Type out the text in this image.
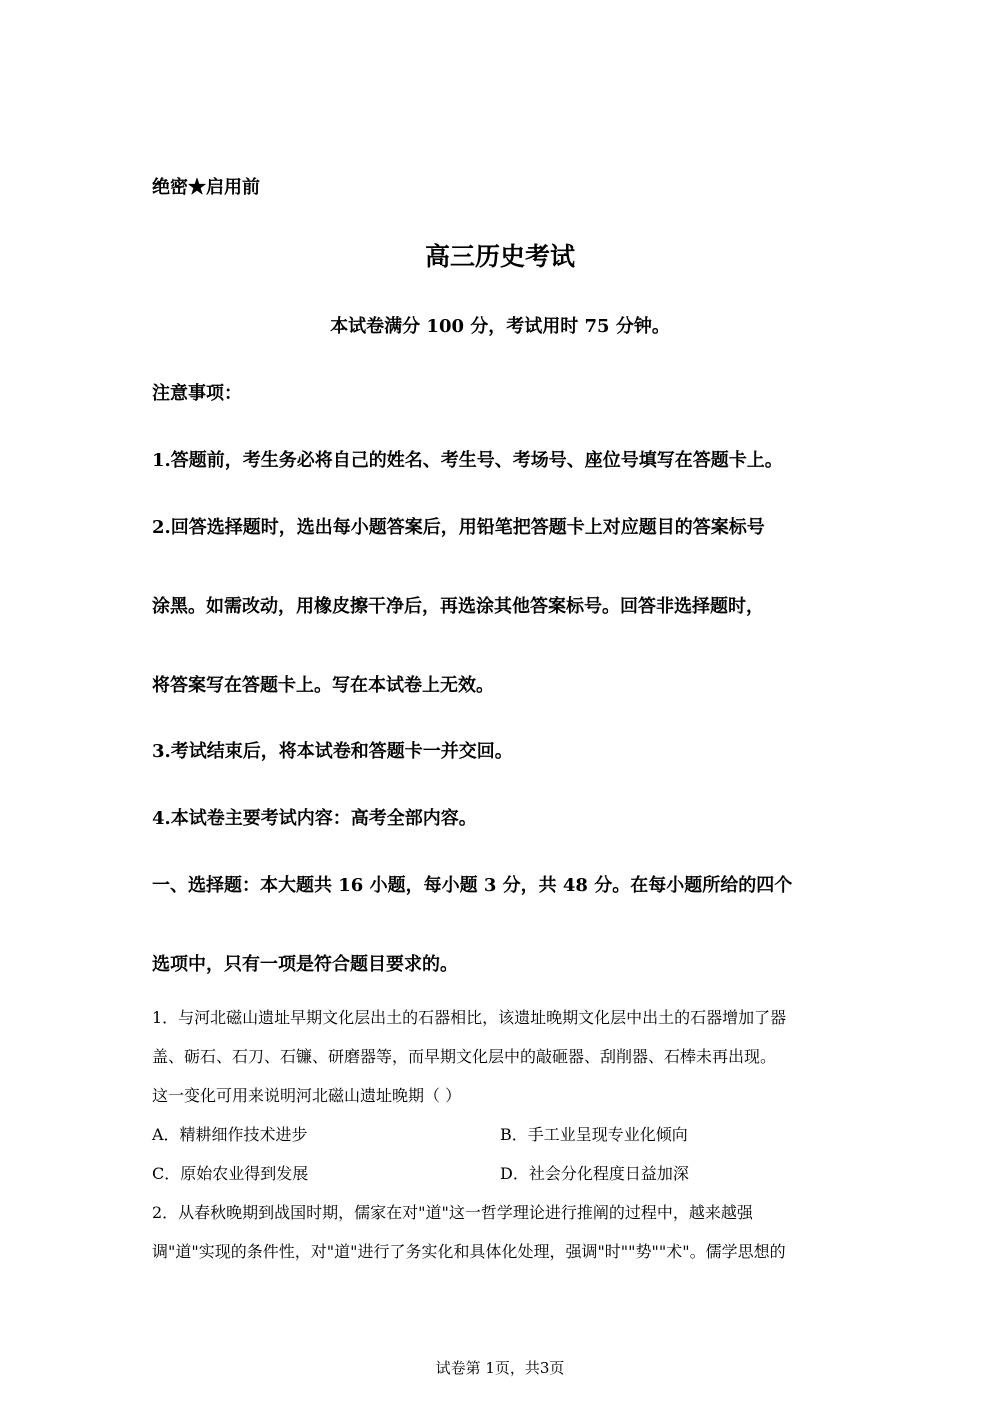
绝密★启用前
高三历史考试
本试卷满分 100 分，考试用时 75 分钟。
注意事项：
1.答题前，考生务必将自己的姓名、考生号、考场号、座位号填写在答题卡上。
2.回答选择题时，选出每小题答案后，用铅笔把答题卡上对应题目的答案标号
涂黑。如需改动，用橡皮擦干净后，再选涂其他答案标号。回答非选择题时，
将答案写在答题卡上。写在本试卷上无效。
3.考试结束后，将本试卷和答题卡一并交回。
4.本试卷主要考试内容：高考全部内容。
一、选择题：本大题共 16 小题，每小题 3 分，共 48 分。在每小题所给的四个
选项中，只有一项是符合题目要求的。
1．与河北磁山遗址早期文化层出土的石器相比，该遗址晚期文化层中出土的石器增加了器
盖、砺石、石刀、石镰、研磨器等，而早期文化层中的敲砸器、刮削器、石棒未再出现。
这一变化可用来说明河北磁山遗址晚期（ ）
A．精耕细作技术进步	B．手工业呈现专业化倾向
C．原始农业得到发展	D．社会分化程度日益加深
2．从春秋晚期到战国时期，儒家在对"道"这一哲学理论进行推阐的过程中，越来越强
调"道"实现的条件性，对"道"进行了务实化和具体化处理，强调"时""势""术"。儒学思想的
试卷第 1页，共3页
